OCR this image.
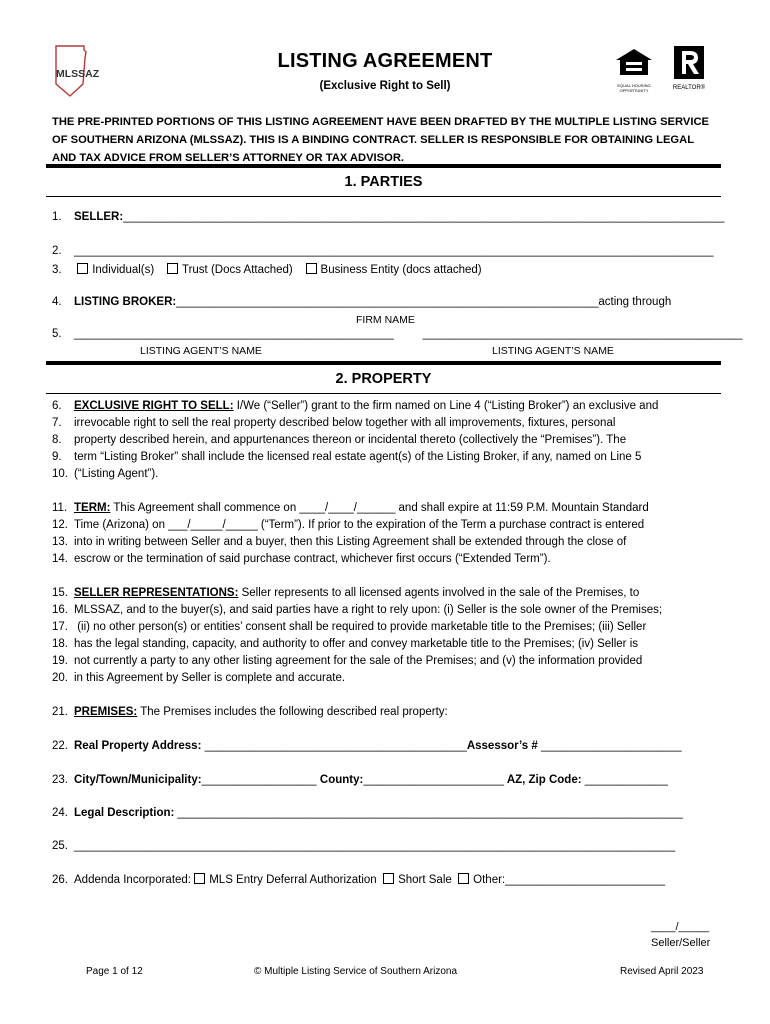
MLSSAZ
LISTING AGREEMENT
(Exclusive Right to Sell)	EQUAL HOUSING OPPORTUNITY	REALTOR®
THE PRE-PRINTED PORTIONS OF THIS LISTING AGREEMENT HAVE BEEN DRAFTED BY THE MULTIPLE LISTING SERVICE
OF SOUTHERN ARIZONA (MLSSAZ). THIS IS A BINDING CONTRACT. SELLER IS RESPONSIBLE FOR OBTAINING LEGAL
AND TAX ADVICE FROM SELLER’S ATTORNEY OR TAX ADVISOR.
1. PARTIES
1. SELLER:______________________________________________________________________________________________
2. ____________________________________________________________________________________________________
3.	Individual(s) Trust (Docs Attached) Business Entity (docs attached)
4. LISTING BROKER:__________________________________________________________________acting through
FIRM NAME
5. __________________________________________________	__________________________________________________
LISTING AGENT’S NAME	LISTING AGENT’S NAME
2. PROPERTY
6. EXCLUSIVE RIGHT TO SELL: I/We (“Seller”) grant to the firm named on Line 4 (“Listing Broker”) an exclusive and
7. irrevocable right to sell the real property described below together with all improvements, fixtures, personal
8. property described herein, and appurtenances thereon or incidental thereto (collectively the “Premises”). The
9. term “Listing Broker” shall include the licensed real estate agent(s) of the Listing Broker, if any, named on Line 5
10. (“Listing Agent”).
11. TERM: This Agreement shall commence on ____/____/______ and shall expire at 11:59 P.M. Mountain Standard
12. Time (Arizona) on ___/_____/_____ (“Term”). If prior to the expiration of the Term a purchase contract is entered
13. into in writing between Seller and a buyer, then this Listing Agreement shall be extended through the close of
14. escrow or the termination of said purchase contract, whichever first occurs (“Extended Term”).
15. SELLER REPRESENTATIONS: Seller represents to all licensed agents involved in the sale of the Premises, to
16. MLSSAZ, and to the buyer(s), and said parties have a right to rely upon: (i) Seller is the sole owner of the Premises;
17. (ii) no other person(s) or entities’ consent shall be required to provide marketable title to the Premises; (iii) Seller
18. has the legal standing, capacity, and authority to offer and convey marketable title to the Premises; (iv) Seller is
19. not currently a party to any other listing agreement for the sale of the Premises; and (v) the information provided
20. in this Agreement by Seller is complete and accurate.
21. PREMISES: The Premises includes the following described real property:
22. Real Property Address: _________________________________________Assessor’s # ______________________
23. City/Town/Municipality:__________________ County:______________________ AZ, Zip Code: _____________
24. Legal Description: _______________________________________________________________________________
25. ______________________________________________________________________________________________
26. Addenda Incorporated: MLS Entry Deferral Authorization Short Sale Other:_________________________
____/_____
Seller/Seller
Page 1 of 12	© Multiple Listing Service of Southern Arizona	Revised April 2023
